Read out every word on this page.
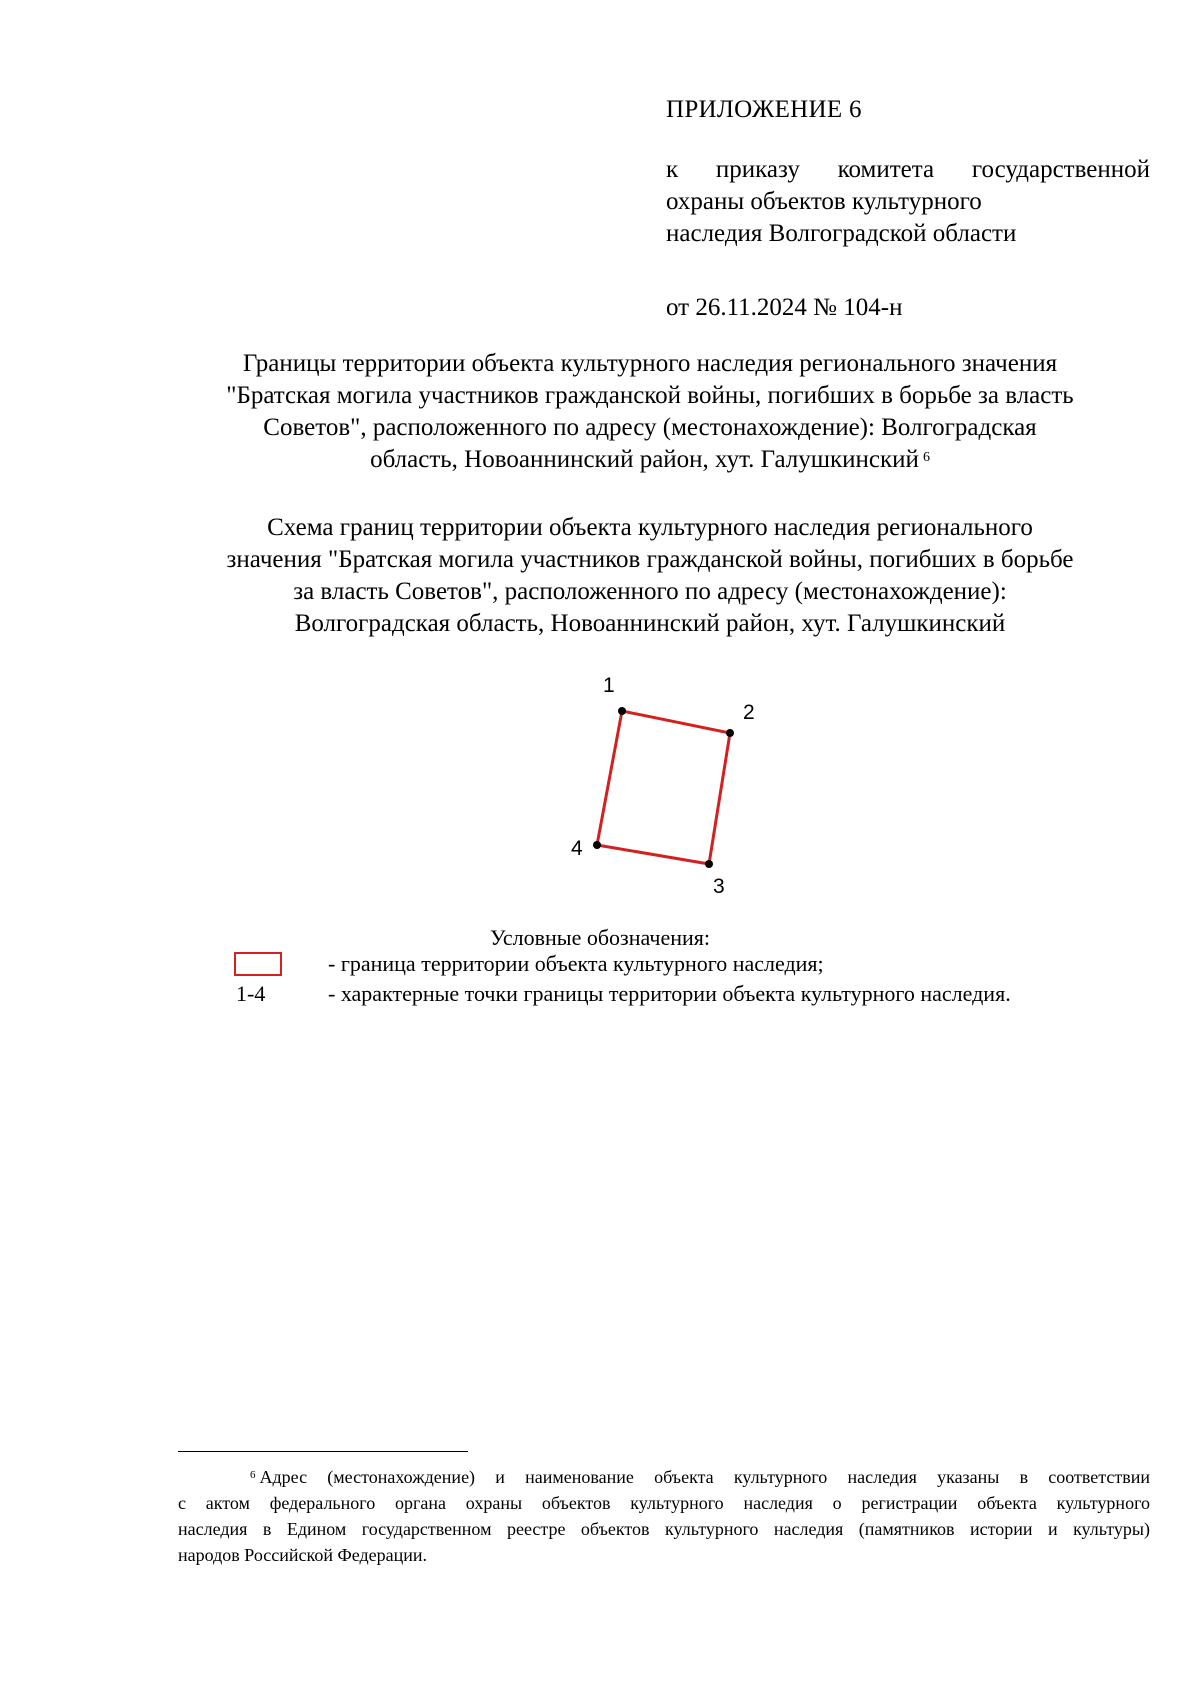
ПРИЛОЖЕНИЕ 6

к приказу комитета государственной
охраны объектов культурного
наследия Волгоградской области

от 26.11.2024 № 104-н

Границы территории объекта культурного наследия регионального значения
"Братская могила участников гражданской войны, погибших в борьбе за власть
Советов", расположенного по адресу (местонахождение): Волгоградская
область, Новоаннинский район, хут. Галушкинский $^6$

Схема границ территории объекта культурного наследия регионального
значения "Братская могила участников гражданской войны, погибших в борьбе
за власть Советов", расположенного по адресу (местонахождение):
Волгоградская область, Новоаннинский район, хут. Галушкинский

1
2
3
4
Условные обозначения:
- граница территории объекта культурного наследия;
1-4	- характерные точки границы территории объекта культурного наследия.
$^6$ Адрес (местонахождение) и наименование объекта культурного наследия указаны в соответствии
с актом федерального органа охраны объектов культурного наследия о регистрации объекта культурного
наследия в Едином государственном реестре объектов культурного наследия (памятников истории и культуры)
народов Российской Федерации.
